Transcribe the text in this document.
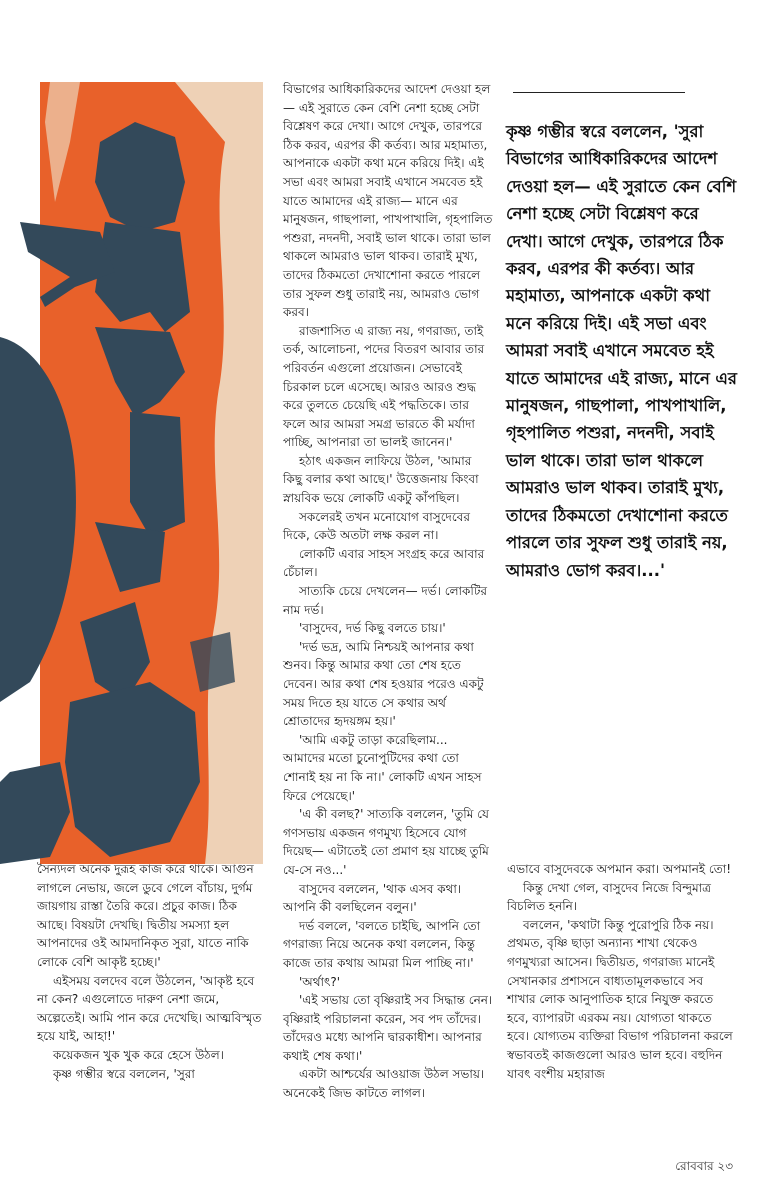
বিভাগের আধিকারিকদের আদেশ দেওয়া হল— এই সুরাতে কেন বেশি নেশা হচ্ছে সেটা বিশ্লেষণ করে দেখা। আগে দেখুক, তারপরে ঠিক করব, এরপর কী কর্তব্য। আর মহামাত্য, আপনাকে একটা কথা মনে করিয়ে দিই। এই সভা এবং আমরা সবাই এখানে সমবেত হই যাতে আমাদের এই রাজ্য— মানে এর মানুষজন, গাছপালা, পাখপাখালি, গৃহপালিত পশুরা, নদনদী, সবাই ভাল থাকে। তারা ভাল থাকলে আমরাও ভাল থাকব। তারাই মুখ্য, তাদের ঠিকমতো দেখাশোনা করতে পারলে তার সুফল শুধু তারাই নয়, আমরাও ভোগ করব।

রাজশাসিত এ রাজ্য নয়, গণরাজ্য, তাই তর্ক, আলোচনা, পদের বিতরণ আবার তার পরিবর্তন এগুলো প্রয়োজন। সেভাবেই চিরকাল চলে এসেছে। আরও আরও শুদ্ধ করে তুলতে চেয়েছি এই পদ্ধতিকে। তার ফলে আর আমরা সমগ্র ভারতে কী মর্যাদা পাচ্ছি, আপনারা তা ভালই জানেন।'

হঠাৎ একজন লাফিয়ে উঠল, 'আমার কিছু বলার কথা আছে।' উত্তেজনায় কিংবা স্নায়বিক ভয়ে লোকটি একটু কাঁপছিল।

সকলেরই তখন মনোযোগ বাসুদেবের দিকে, কেউ অতটা লক্ষ করল না।

লোকটি এবার সাহস সংগ্রহ করে আবার চেঁচাল।

সাত্যকি চেয়ে দেখলেন— দর্ভ। লোকটির নাম দর্ভ।

'বাসুদেব, দর্ভ কিছু বলতে চায়।'

'দর্ভ ভদ্র, আমি নিশ্চয়ই আপনার কথা শুনব। কিন্তু আমার কথা তো শেষ হতে দেবেন। আর কথা শেষ হওয়ার পরেও একটু সময় দিতে হয় যাতে সে কথার অর্থ শ্রোতাদের হৃদয়ঙ্গম হয়।'

'আমি একটু তাড়া করেছিলাম... আমাদের মতো চুনোপুটিদের কথা তো শোনাই হয় না কি না।' লোকটি এখন সাহস ফিরে পেয়েছে।'

'এ কী বলছ?' সাত্যকি বললেন, 'তুমি যে গণসভায় একজন গণমুখ্য হিসেবে যোগ দিয়েছ— এটাতেই তো প্রমাণ হয় যাচ্ছে তুমি যে-সে নও...'

বাসুদেব বললেন, 'থাক এসব কথা। আপনি কী বলছিলেন বলুন।'

দর্ভ বললে, 'বলতে চাইছি, আপনি তো গণরাজ্য নিয়ে অনেক কথা বললেন, কিন্তু কাজে তার কথায় আমরা মিল পাচ্ছি না।'

'অর্থাৎ?'

'এই সভায় তো বৃষ্ণিরাই সব সিদ্ধান্ত নেন। বৃষ্ণিরাই পরিচালনা করেন, সব পদ তাঁদের। তাঁদেরও মধ্যে আপনি দ্বারকাধীশ। আপনার কথাই শেষ কথা।'

একটা আশ্চর্যের আওয়াজ উঠল সভায়। অনেকেই জিভ কাটতে লাগল।

সৈন্যদল অনেক দুরূহ কাজ করে থাকে। আগুন লাগলে নেভায়, জলে ডুবে গেলে বাঁচায়, দুর্গম জায়গায় রাস্তা তৈরি করে। প্রচুর কাজ। ঠিক আছে। বিষয়টা দেখছি। দ্বিতীয় সমস্যা হল আপনাদের ওই আমদানিকৃত সুরা, যাতে নাকি লোকে বেশি আকৃষ্ট হচ্ছে।'

এইসময় বলদেব বলে উঠলেন, 'আকৃষ্ট হবে না কেন? এগুলোতে দারুণ নেশা জমে, অল্পেতেই। আমি পান করে দেখেছি। আত্মবিস্মৃত হয়ে যাই, আহা!'

কয়েকজন খুক খুক করে হেসে উঠল।

কৃষ্ণ গম্ভীর স্বরে বললেন, 'সুরা

কৃষ্ণ গম্ভীর স্বরে বললেন, 'সুরা বিভাগের আধিকারিকদের আদেশ দেওয়া হল— এই সুরাতে কেন বেশি নেশা হচ্ছে সেটা বিশ্লেষণ করে দেখা। আগে দেখুক, তারপরে ঠিক করব, এরপর কী কর্তব্য। আর মহামাত্য, আপনাকে একটা কথা মনে করিয়ে দিই। এই সভা এবং আমরা সবাই এখানে সমবেত হই যাতে আমাদের এই রাজ্য, মানে এর মানুষজন, গাছপালা, পাখপাখালি, গৃহপালিত পশুরা, নদনদী, সবাই ভাল থাকে। তারা ভাল থাকলে আমরাও ভাল থাকব। তারাই মুখ্য, তাদের ঠিকমতো দেখাশোনা করতে পারলে তার সুফল শুধু তারাই নয়, আমরাও ভোগ করব।...'

এভাবে বাসুদেবকে অপমান করা। অপমানই তো!

কিন্তু দেখা গেল, বাসুদেব নিজে বিন্দুমাত্র বিচলিত হননি।

বললেন, 'কথাটা কিন্তু পুরোপুরি ঠিক নয়। প্রথমত, বৃষ্ণি ছাড়া অন্যান্য শাখা থেকেও গণমুখ্যরা আসেন। দ্বিতীয়ত, গণরাজ্য মানেই সেখানকার প্রশাসনে বাধ্যতামূলকভাবে সব শাখার লোক আনুপাতিক হারে নিযুক্ত করতে হবে, ব্যাপারটা এরকম নয়। যোগ্যতা থাকতে হবে। যোগ্যতম ব্যক্তিরা বিভাগ পরিচালনা করলে স্বভাবতই কাজগুলো আরও ভাল হবে। বহুদিন যাবৎ বংশীয় মহারাজ

রোববার ২৩
